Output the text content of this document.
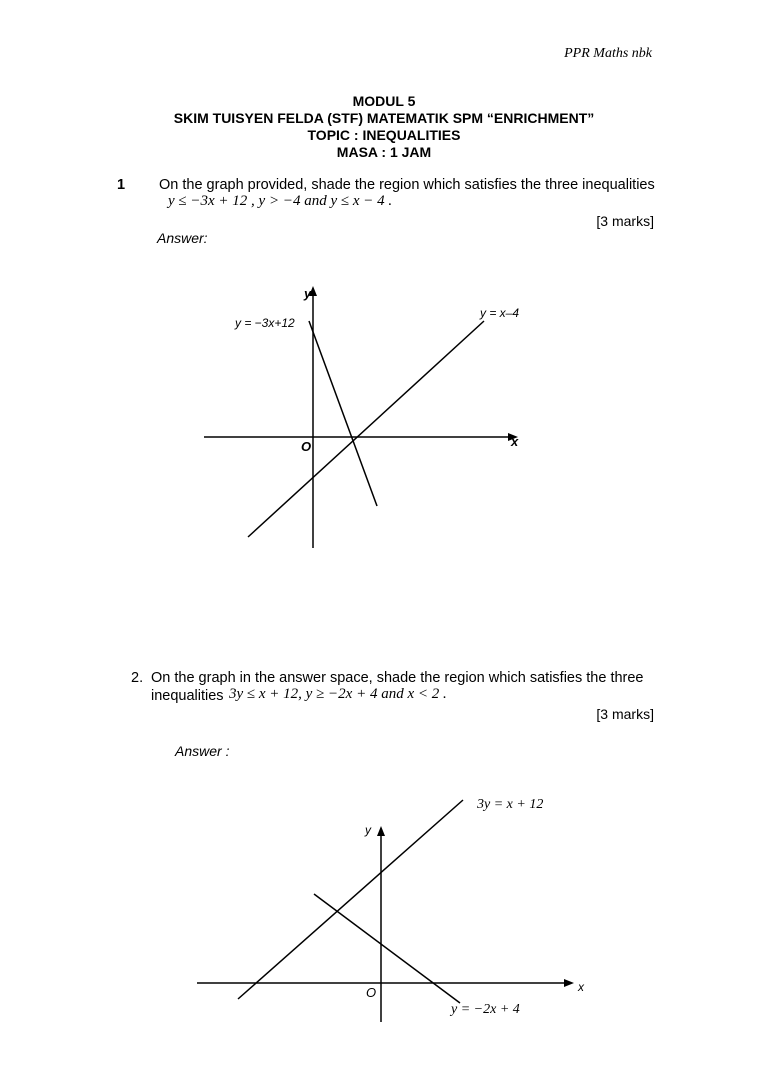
PPR Maths nbk
MODUL 5
SKIM TUISYEN FELDA (STF) MATEMATIK SPM “ENRICHMENT”
TOPIC : INEQUALITIES
MASA : 1 JAM
1 On the graph provided, shade the region which satisfies the three inequalities
y ≤ −3x + 12 , y > −4 and y ≤ x − 4 .
[3 marks]
Answer:
y
x
O
y = −3x+12
y = x–4
2. On the graph in the answer space, shade the region which satisfies the three
inequalities 3y ≤ x + 12, y ≥ −2x + 4 and x < 2 .
[3 marks]
Answer :
y
x
O
3y = x + 12
y = −2x + 4
